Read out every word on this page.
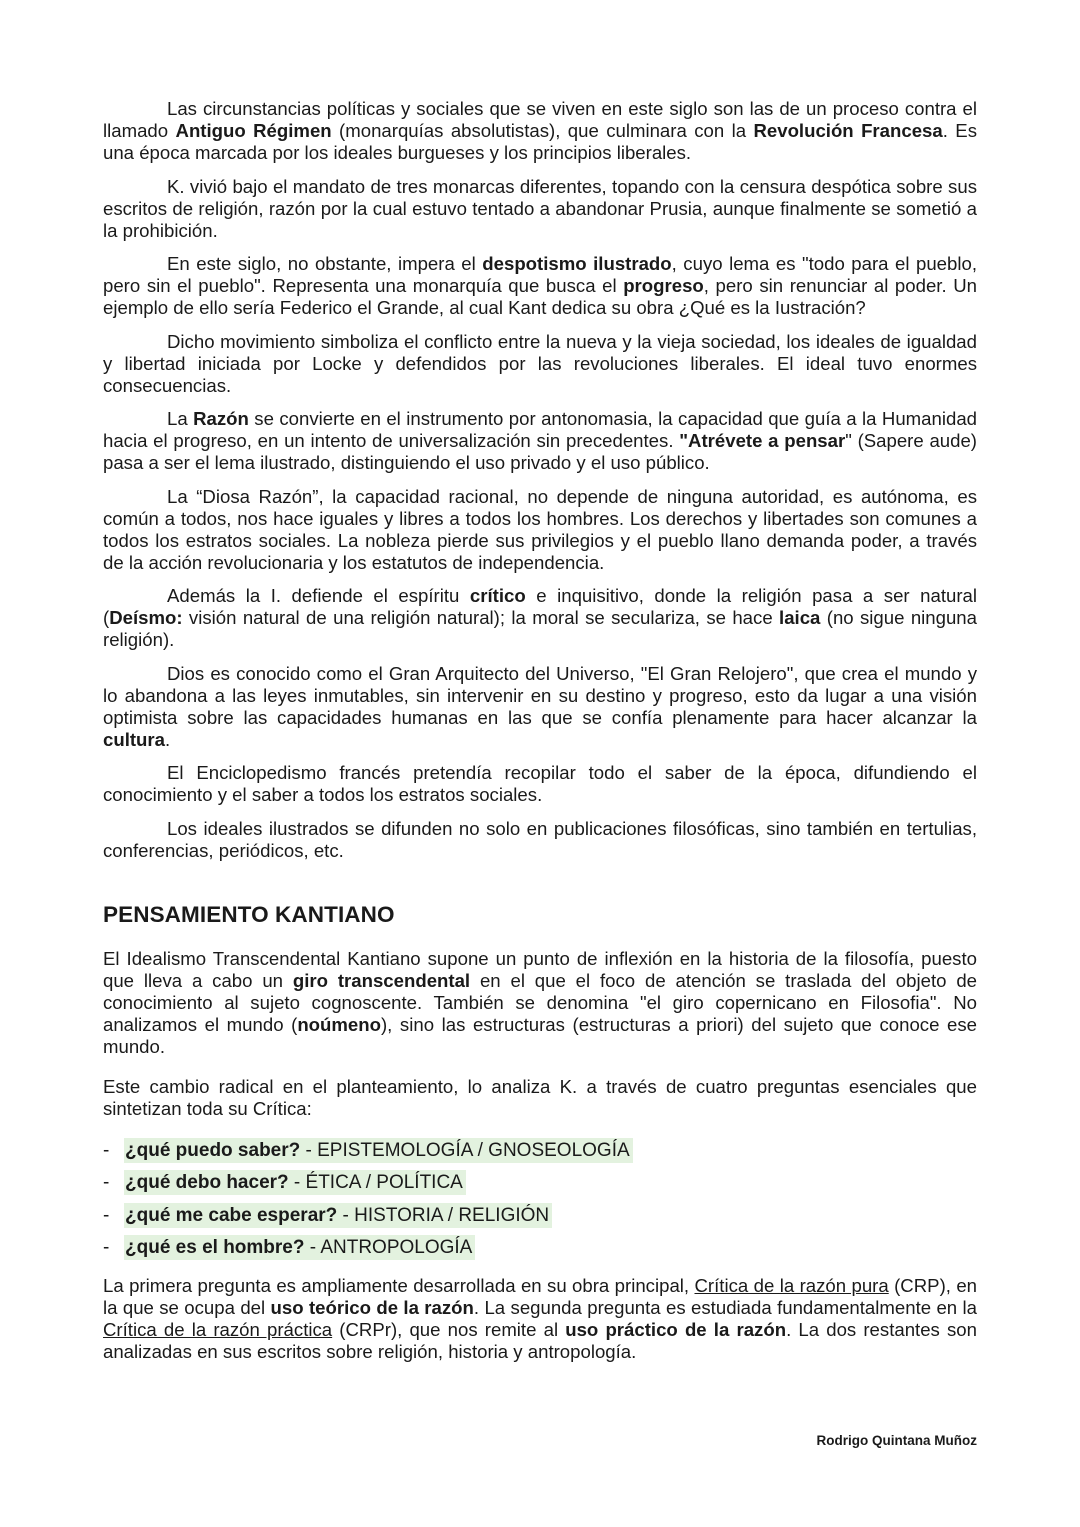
Las circunstancias políticas y sociales que se viven en este siglo son las de un proceso contra el llamado Antiguo Régimen (monarquías absolutistas), que culminara con la Revolución Francesa. Es una época marcada por los ideales burgueses y los principios liberales.

K. vivió bajo el mandato de tres monarcas diferentes, topando con la censura despótica sobre sus escritos de religión, razón por la cual estuvo tentado a abandonar Prusia, aunque finalmente se sometió a la prohibición.

En este siglo, no obstante, impera el despotismo ilustrado, cuyo lema es "todo para el pueblo, pero sin el pueblo". Representa una monarquía que busca el progreso, pero sin renunciar al poder. Un ejemplo de ello sería Federico el Grande, al cual Kant dedica su obra ¿Qué es la Iustración?

Dicho movimiento simboliza el conflicto entre la nueva y la vieja sociedad, los ideales de igualdad y libertad iniciada por Locke y defendidos por las revoluciones liberales. El ideal tuvo enormes consecuencias.

La Razón se convierte en el instrumento por antonomasia, la capacidad que guía a la Humanidad hacia el progreso, en un intento de universalización sin precedentes. "Atrévete a pensar" (Sapere aude) pasa a ser el lema ilustrado, distinguiendo el uso privado y el uso público.

La “Diosa Razón”, la capacidad racional, no depende de ninguna autoridad, es autónoma, es común a todos, nos hace iguales y libres a todos los hombres. Los derechos y libertades son comunes a todos los estratos sociales. La nobleza pierde sus privilegios y el pueblo llano demanda poder, a través de la acción revolucionaria y los estatutos de independencia.

Además la I. defiende el espíritu crítico e inquisitivo, donde la religión pasa a ser natural (Deísmo: visión natural de una religión natural); la moral se seculariza, se hace laica (no sigue ninguna religión).

Dios es conocido como el Gran Arquitecto del Universo, "El Gran Relojero", que crea el mundo y lo abandona a las leyes inmutables, sin intervenir en su destino y progreso, esto da lugar a una visión optimista sobre las capacidades humanas en las que se confía plenamente para hacer alcanzar la cultura.

El Enciclopedismo francés pretendía recopilar todo el saber de la época, difundiendo el conocimiento y el saber a todos los estratos sociales.

Los ideales ilustrados se difunden no solo en publicaciones filosóficas, sino también en tertulias, conferencias, periódicos, etc.

PENSAMIENTO KANTIANO

El Idealismo Transcendental Kantiano supone un punto de inflexión en la historia de la filosofía, puesto que lleva a cabo un giro transcendental en el que el foco de atención se traslada del objeto de conocimiento al sujeto cognoscente. También se denomina "el giro copernicano en Filosofia". No analizamos el mundo (noúmeno), sino las estructuras (estructuras a priori) del sujeto que conoce ese mundo.

Este cambio radical en el planteamiento, lo analiza K. a través de cuatro preguntas esenciales que sintetizan toda su Crítica:

- ¿qué puedo saber? - EPISTEMOLOGÍA / GNOSEOLOGÍA
- ¿qué debo hacer? - ÉTICA / POLÍTICA
- ¿qué me cabe esperar? - HISTORIA / RELIGIÓN
- ¿qué es el hombre? - ANTROPOLOGÍA

La primera pregunta es ampliamente desarrollada en su obra principal, Crítica de la razón pura (CRP), en la que se ocupa del uso teórico de la razón. La segunda pregunta es estudiada fundamentalmente en la Crítica de la razón práctica (CRPr), que nos remite al uso práctico de la razón. La dos restantes son analizadas en sus escritos sobre religión, historia y antropología.

Rodrigo Quintana Muñoz
